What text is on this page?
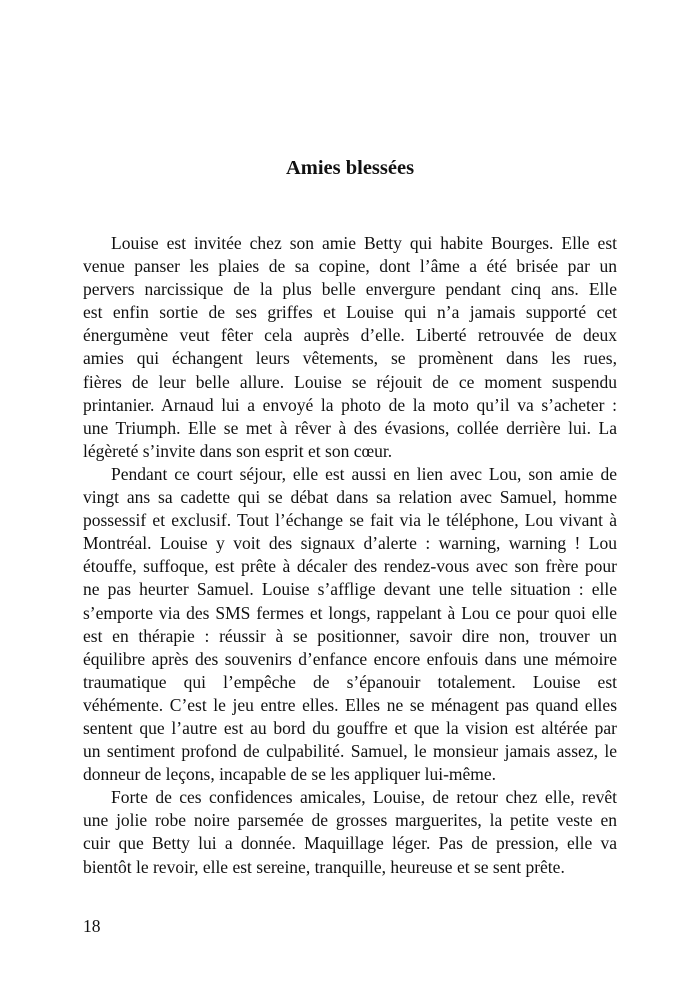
Amies blessées
Louise est invitée chez son amie Betty qui habite Bourges. Elle est
venue panser les plaies de sa copine, dont l’âme a été brisée par un
pervers narcissique de la plus belle envergure pendant cinq ans. Elle
est enfin sortie de ses griffes et Louise qui n’a jamais supporté cet
énergumène veut fêter cela auprès d’elle. Liberté retrouvée de deux
amies qui échangent leurs vêtements, se promènent dans les rues,
fières de leur belle allure. Louise se réjouit de ce moment suspendu
printanier. Arnaud lui a envoyé la photo de la moto qu’il va s’acheter :
une Triumph. Elle se met à rêver à des évasions, collée derrière lui. La
légèreté s’invite dans son esprit et son cœur.
Pendant ce court séjour, elle est aussi en lien avec Lou, son amie de
vingt ans sa cadette qui se débat dans sa relation avec Samuel, homme
possessif et exclusif. Tout l’échange se fait via le téléphone, Lou vivant à
Montréal. Louise y voit des signaux d’alerte : warning, warning ! Lou
étouffe, suffoque, est prête à décaler des rendez-vous avec son frère pour
ne pas heurter Samuel. Louise s’afflige devant une telle situation : elle
s’emporte via des SMS fermes et longs, rappelant à Lou ce pour quoi elle
est en thérapie : réussir à se positionner, savoir dire non, trouver un
équilibre après des souvenirs d’enfance encore enfouis dans une mémoire
traumatique qui l’empêche de s’épanouir totalement. Louise est
véhémente. C’est le jeu entre elles. Elles ne se ménagent pas quand elles
sentent que l’autre est au bord du gouffre et que la vision est altérée par
un sentiment profond de culpabilité. Samuel, le monsieur jamais assez, le
donneur de leçons, incapable de se les appliquer lui-même.
Forte de ces confidences amicales, Louise, de retour chez elle, revêt
une jolie robe noire parsemée de grosses marguerites, la petite veste en
cuir que Betty lui a donnée. Maquillage léger. Pas de pression, elle va
bientôt le revoir, elle est sereine, tranquille, heureuse et se sent prête.
18
